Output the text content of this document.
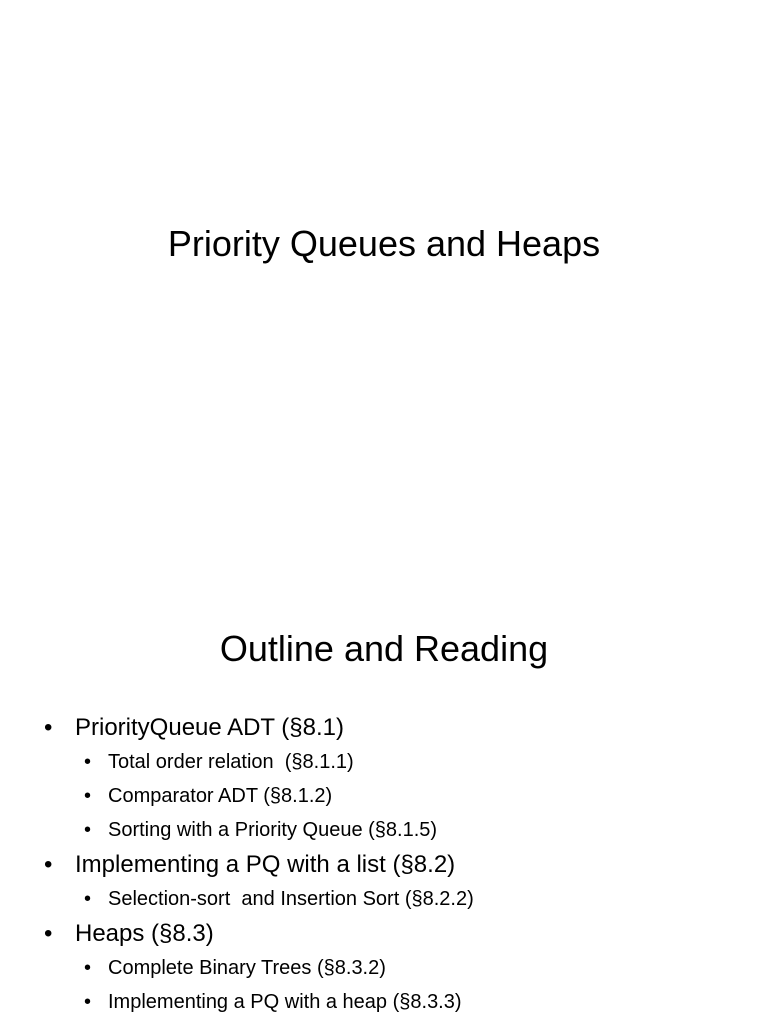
Priority Queues and Heaps
Outline and Reading
• PriorityQueue ADT (§8.1)
• Total order relation  (§8.1.1)
• Comparator ADT (§8.1.2)
• Sorting with a Priority Queue (§8.1.5)
• Implementing a PQ with a list (§8.2)
• Selection-sort  and Insertion Sort (§8.2.2)
• Heaps (§8.3)
• Complete Binary Trees (§8.3.2)
• Implementing a PQ with a heap (§8.3.3)
